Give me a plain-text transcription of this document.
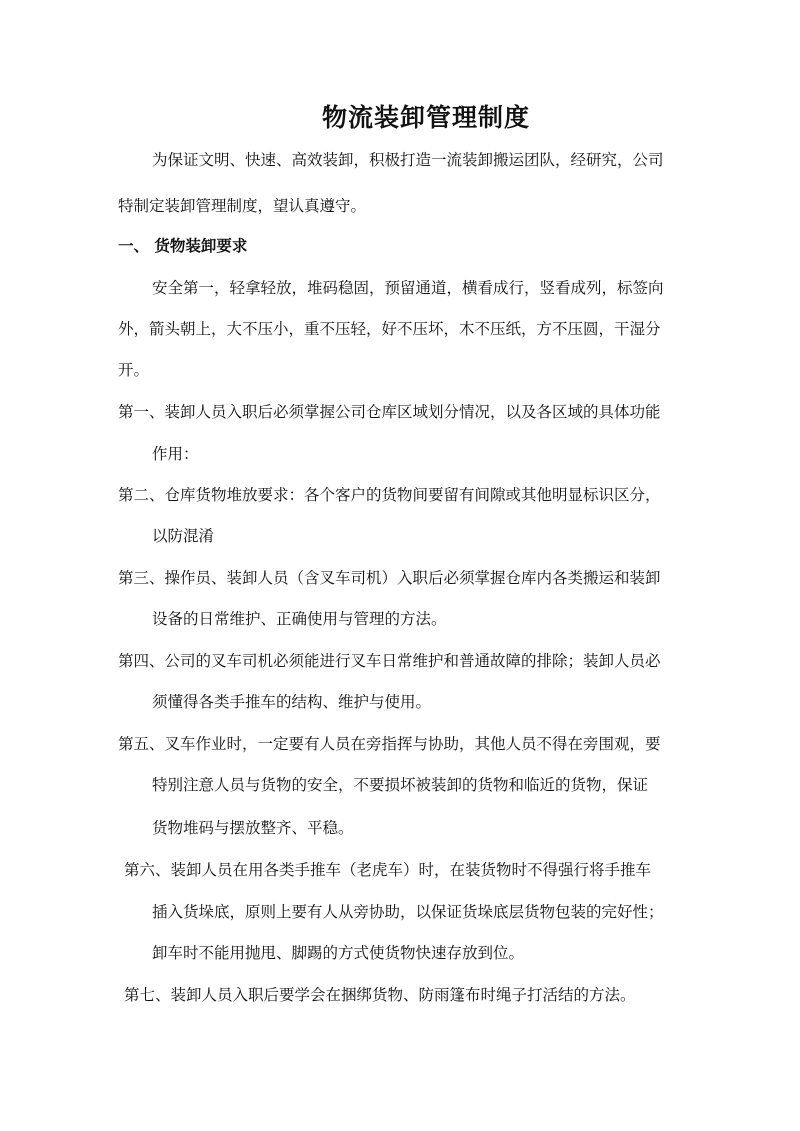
物流装卸管理制度
为保证文明、快速、高效装卸，积极打造一流装卸搬运团队，经研究，公司
特制定装卸管理制度，望认真遵守。
一、 货物装卸要求
安全第一，轻拿轻放，堆码稳固，预留通道，横看成行，竖看成列，标签向
外，箭头朝上，大不压小，重不压轻，好不压坏，木不压纸，方不压圆，干湿分
开。
第一、装卸人员入职后必须掌握公司仓库区域划分情况，以及各区域的具体功能
作用：
第二、仓库货物堆放要求：各个客户的货物间要留有间隙或其他明显标识区分，
以防混淆
第三、操作员、装卸人员（含叉车司机）入职后必须掌握仓库内各类搬运和装卸
设备的日常维护、正确使用与管理的方法。
第四、公司的叉车司机必须能进行叉车日常维护和普通故障的排除；装卸人员必
须懂得各类手推车的结构、维护与使用。
第五、叉车作业时，一定要有人员在旁指挥与协助，其他人员不得在旁围观，要
特别注意人员与货物的安全，不要损坏被装卸的货物和临近的货物，保证
货物堆码与摆放整齐、平稳。
第六、装卸人员在用各类手推车（老虎车）时，在装货物时不得强行将手推车
插入货垛底，原则上要有人从旁协助，以保证货垛底层货物包装的完好性；
卸车时不能用抛甩、脚踢的方式使货物快速存放到位。
第七、装卸人员入职后要学会在捆绑货物、防雨篷布时绳子打活结的方法。
